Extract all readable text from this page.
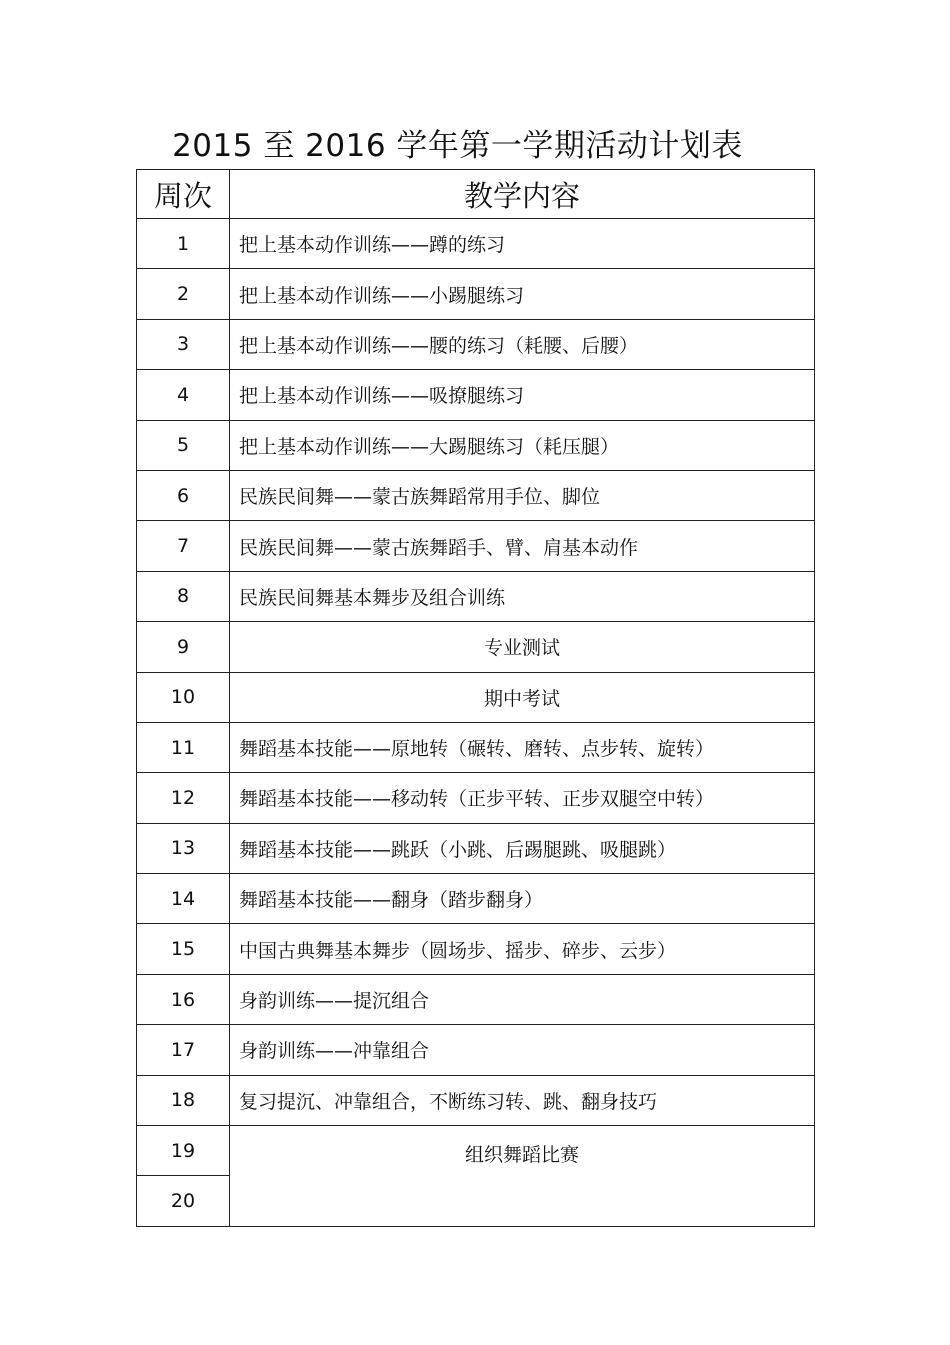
2015 至 2016 学年第一学期活动计划表
周次	教学内容
1	把上基本动作训练——蹲的练习
2	把上基本动作训练——小踢腿练习
3	把上基本动作训练——腰的练习（耗腰、后腰）
4	把上基本动作训练——吸撩腿练习
5	把上基本动作训练——大踢腿练习（耗压腿）
6	民族民间舞——蒙古族舞蹈常用手位、脚位
7	民族民间舞——蒙古族舞蹈手、臂、肩基本动作
8	民族民间舞基本舞步及组合训练
9	专业测试
10	期中考试
11	舞蹈基本技能——原地转（碾转、磨转、点步转、旋转）
12	舞蹈基本技能——移动转（正步平转、正步双腿空中转）
13	舞蹈基本技能——跳跃（小跳、后踢腿跳、吸腿跳）
14	舞蹈基本技能——翻身（踏步翻身）
15	中国古典舞基本舞步（圆场步、摇步、碎步、云步）
16	身韵训练——提沉组合
17	身韵训练——冲靠组合
18	复习提沉、冲靠组合，不断练习转、跳、翻身技巧
19	组织舞蹈比赛
20	
